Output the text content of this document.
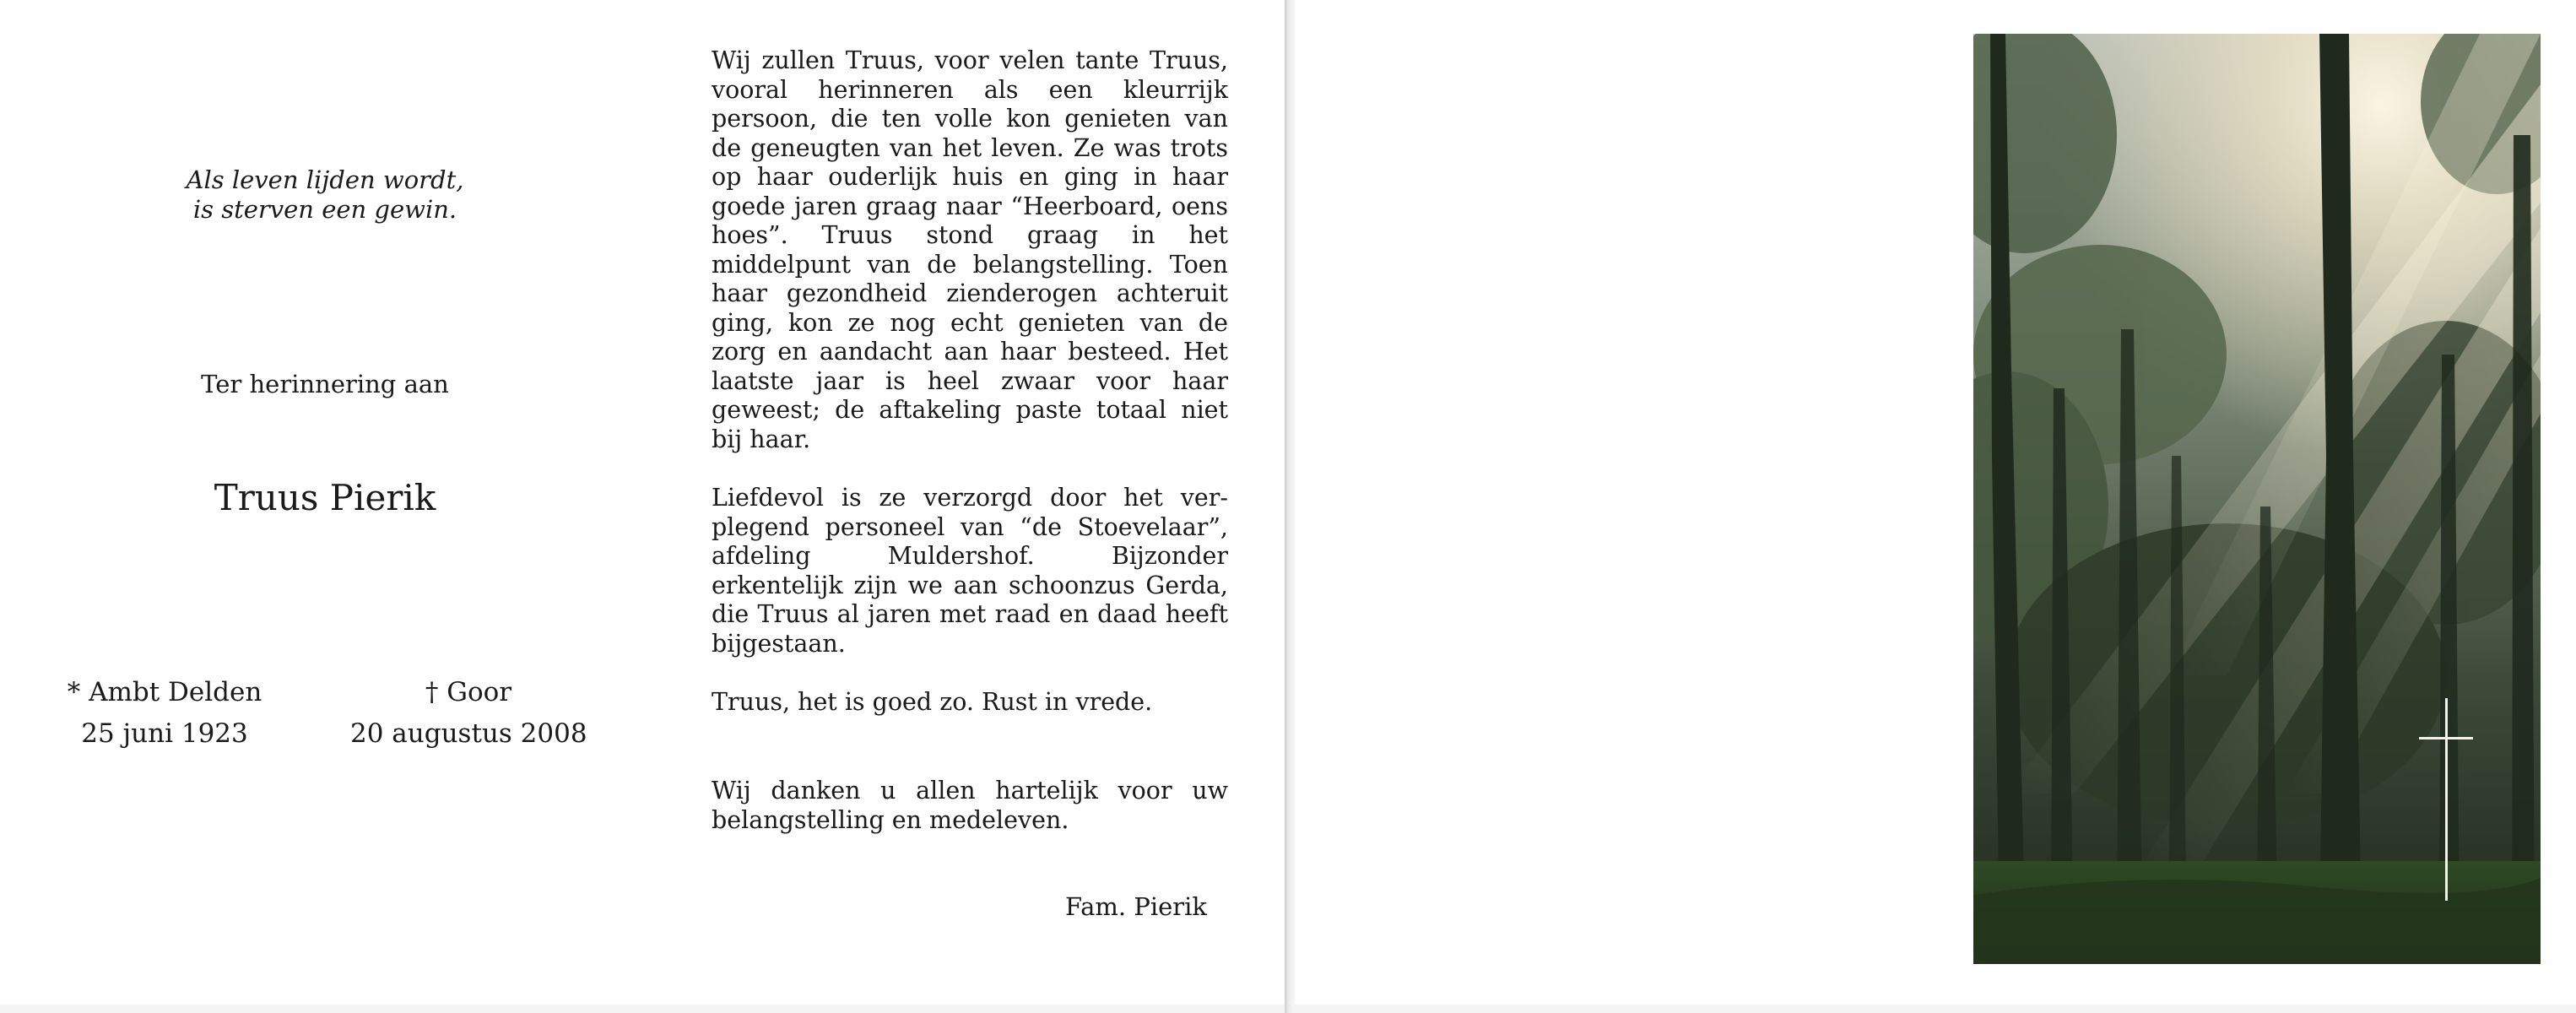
Als leven lijden wordt,
is sterven een gewin.
Ter herinnering aan
Truus Pierik
* Ambt Delden
25 juni 1923
† Goor
20 augustus 2008

Wij zullen Truus, voor velen tante Truus, vooral herinneren als een kleurrijk persoon, die ten volle kon genieten van de geneugten van het leven. Ze was trots op haar ouderlijk huis en ging in haar goede jaren graag naar “Heerboard, oens hoes”. Truus stond graag in het middelpunt van de belangstelling. Toen haar gezondheid zienderogen achteruit ging, kon ze nog echt genieten van de zorg en aandacht aan haar besteed. Het laatste jaar is heel zwaar voor haar geweest; de aftakeling paste totaal niet bij haar.

Liefdevol is ze verzorgd door het verplegend personeel van “de Stoevelaar”, afdeling Muldershof. Bijzonder erkentelijk zijn we aan schoonzus Gerda, die Truus al jaren met raad en daad heeft bijgestaan.

Truus, het is goed zo. Rust in vrede.

Wij danken u allen hartelijk voor uw belangstelling en medeleven.

Fam. Pierik
